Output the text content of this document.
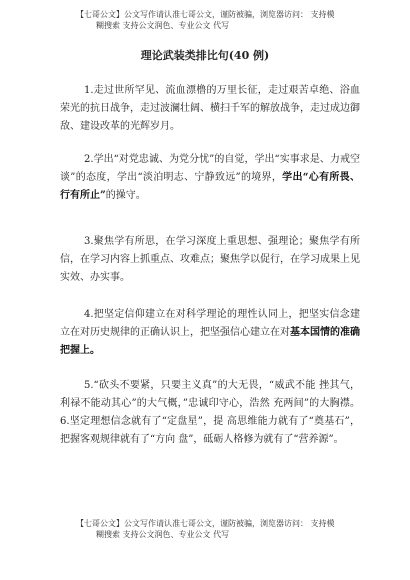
【七哥公文】公文写作请认准七哥公文，谨防被骗，浏览器访问： 支持模
糊搜索 支持公文润色、专业公文 代写
理论武装类排比句(40 例)
1.走过世所罕见、流血漂橹的万里长征，走过艰苦卓绝、浴血荣光的抗日战争，走过波澜壮阔、横扫千军的解放战争，走过成边御敌、建设改革的光辉岁月。
2.学出“对党忠诚、为党分忧”的自觉，学出“实事求是、力戒空谈”的态度，学出“淡泊明志、宁静致远”的境界，学出“心有所畏、行有所止”的操守。
3.聚焦学有所思，在学习深度上重思想、强理论；聚焦学有所信，在学习内容上抓重点、攻难点；聚焦学以促行，在学习成果上见实效、办实事。
4.把坚定信仰建立在对科学理论的理性认同上，把坚实信念建立在对历史规律的正确认识上，把坚强信心建立在对基本国情的准确把握上。
5.“砍头不要紧，只要主义真”的大无畏，“威武不能 挫其气，利禄不能动其心”的大气概，”忠诚印守心，浩然 充两间”的大胸襟。6.坚定理想信念就有了“定盘星”，提 高思维能力就有了“奠基石”，把握客观规律就有了“方向 盘”，砥砺人格修为就有了“营养源”。
【七哥公文】公文写作请认准七哥公文，谨防被骗，浏览器访问： 支持模
糊搜索 支持公文润色、专业公文 代写
